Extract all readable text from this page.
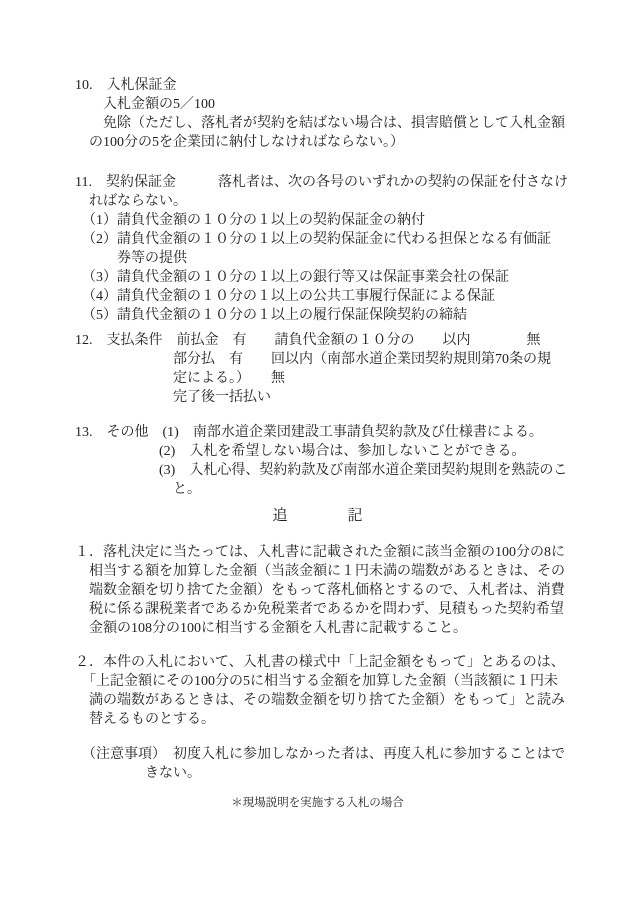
10.　入札保証金
　　入札金額の5／100
　　免除（ただし、落札者が契約を結ばない場合は、損害賠償として入札金額
　の100分の5を企業団に納付しなければならない。）
11.　契約保証金　　　落札者は、次の各号のいずれかの契約の保証を付さなけ
　ればならない。
　（1）請負代金額の１０分の１以上の契約保証金の納付
　（2）請負代金額の１０分の１以上の契約保証金に代わる担保となる有価証
　　　券等の提供
　（3）請負代金額の１０分の１以上の銀行等又は保証事業会社の保証
　（4）請負代金額の１０分の１以上の公共工事履行保証による保証
　（5）請負代金額の１０分の１以上の履行保証保険契約の締結
12.　支払条件　前払金　有　　請負代金額の１０分の　　以内　　　　無
　　　　　　　部分払　有　　回以内（南部水道企業団契約規則第70条の規
　　　　　　　定による。）　　無
　　　　　　　完了後一括払い
13.　その他　(1)　南部水道企業団建設工事請負契約款及び仕様書による。
　　　　　　(2)　入札を希望しない場合は、参加しないことができる。
　　　　　　(3)　入札心得、契約約款及び南部水道企業団契約規則を熟読のこ
　　　　　　　と。
追　　　　記
１．落札決定に当たっては、入札書に記載された金額に該当金額の100分の8に
　相当する額を加算した金額（当該金額に１円未満の端数があるときは、その
　端数金額を切り捨てた金額）をもって落札価格とするので、入札者は、消費
　税に係る課税業者であるか免税業者であるかを問わず、見積もった契約希望
　金額の108分の100に相当する金額を入札書に記載すること。
２．本件の入札において、入札書の様式中「上記金額をもって」とあるのは、
　「上記金額にその100分の5に相当する金額を加算した金額（当該額に１円未
　満の端数があるときは、その端数金額を切り捨てた金額）をもって」と読み
　替えるものとする。
　（注意事項）　初度入札に参加しなかった者は、再度入札に参加することはで
　　　　　きない。
＊現場説明を実施する入札の場合
